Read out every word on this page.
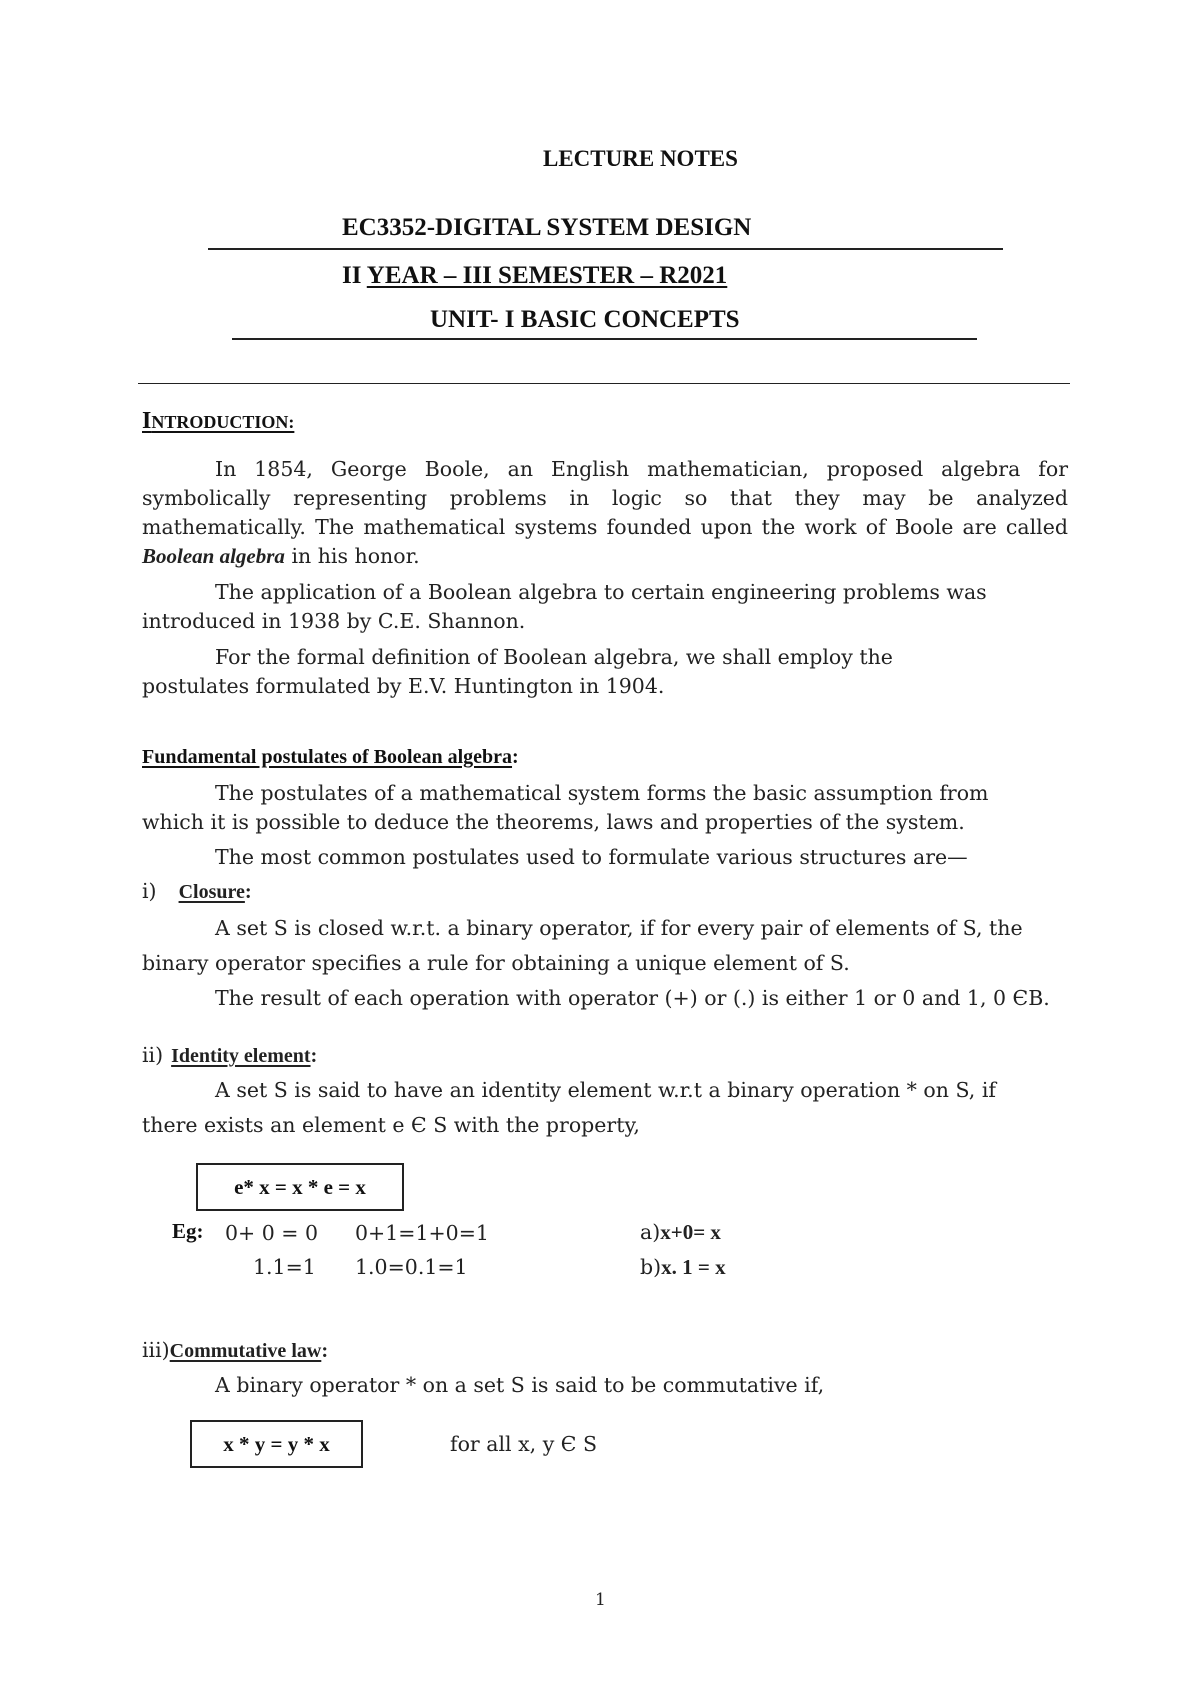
LECTURE NOTES
EC3352-DIGITAL SYSTEM DESIGN
II YEAR – III SEMESTER – R2021
UNIT- I BASIC CONCEPTS
INTRODUCTION:
In 1854, George Boole, an English mathematician, proposed algebra for
symbolically representing problems in logic so that they may be analyzed
mathematically. The mathematical systems founded upon the work of Boole are called
Boolean algebra in his honor.
The application of a Boolean algebra to certain engineering problems was
introduced in 1938 by C.E. Shannon.
For the formal definition of Boolean algebra, we shall employ the
postulates formulated by E.V. Huntington in 1904.
Fundamental postulates of Boolean algebra:
The postulates of a mathematical system forms the basic assumption from
which it is possible to deduce the theorems, laws and properties of the system.
The most common postulates used to formulate various structures are—
i) Closure:
A set S is closed w.r.t. a binary operator, if for every pair of elements of S, the
binary operator specifies a rule for obtaining a unique element of S.
The result of each operation with operator (+) or (.) is either 1 or 0 and 1, 0 ЄB.
ii) Identity element:
A set S is said to have an identity element w.r.t a binary operation * on S, if
there exists an element e Є S with the property,
e* x = x * e = x
Eg: 0+ 0 = 0 0+1=1+0=1
1.1=1 1.0=0.1=1
a)x+0= x
b)x. 1 = x
iii)Commutative law:
A binary operator * on a set S is said to be commutative if,
x * y = y * x	for all x, y Є S
1
